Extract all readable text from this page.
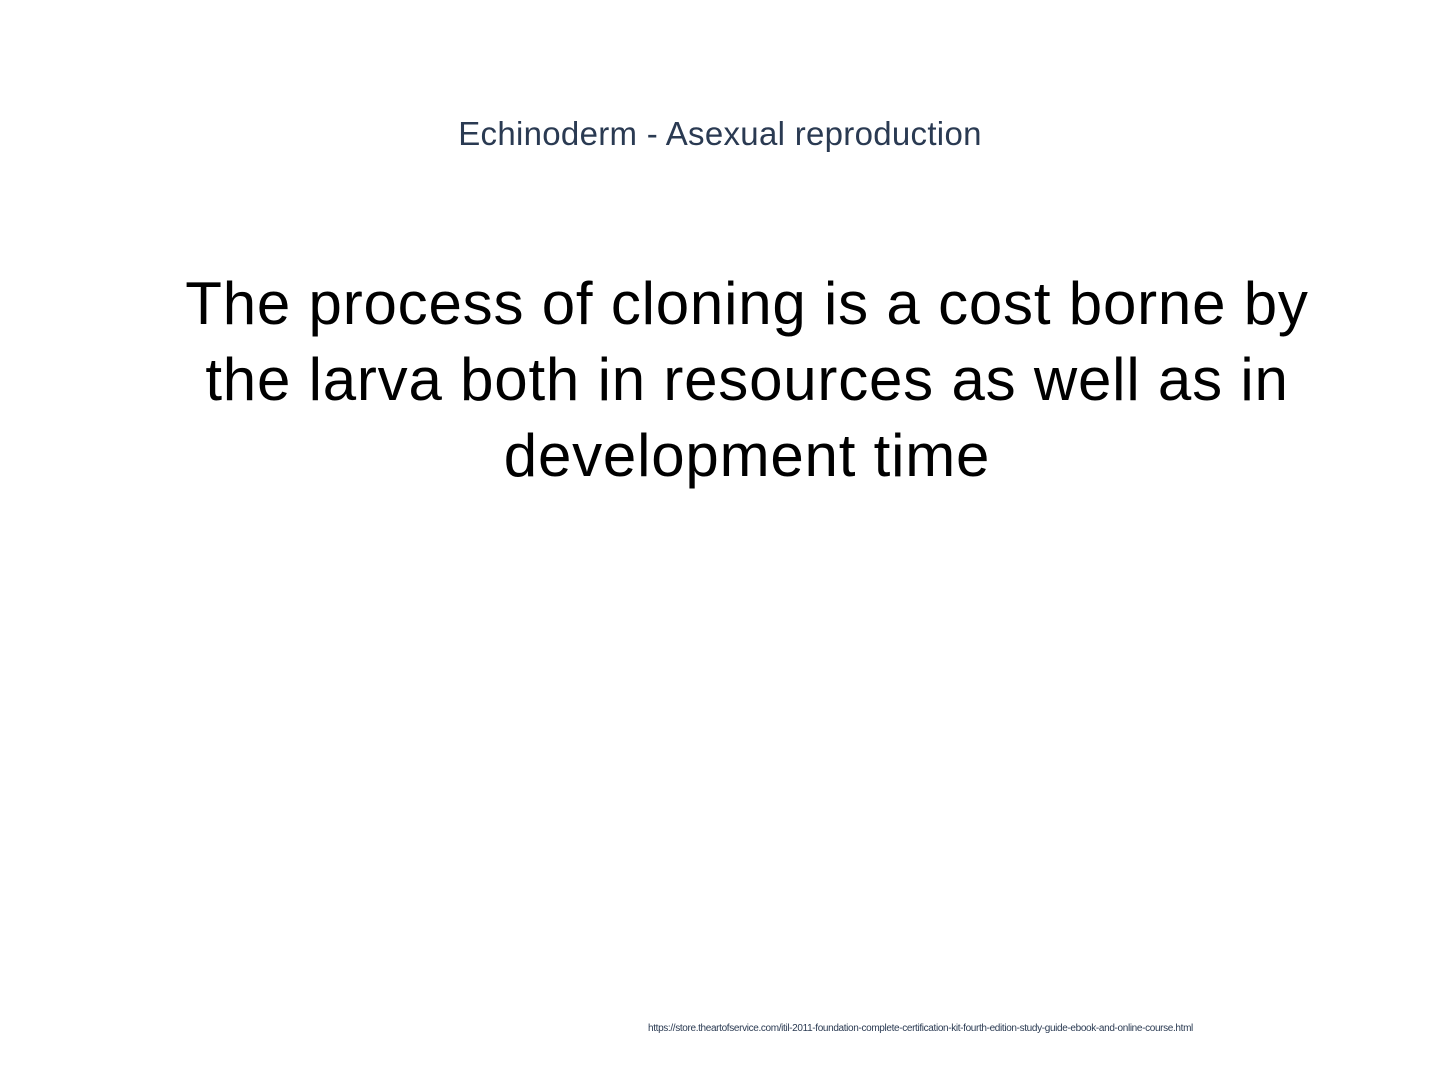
Echinoderm - Asexual reproduction
The process of cloning is a cost borne by the larva both in resources as well as in development time
https://store.theartofservice.com/itil-2011-foundation-complete-certification-kit-fourth-edition-study-guide-ebook-and-online-course.html
